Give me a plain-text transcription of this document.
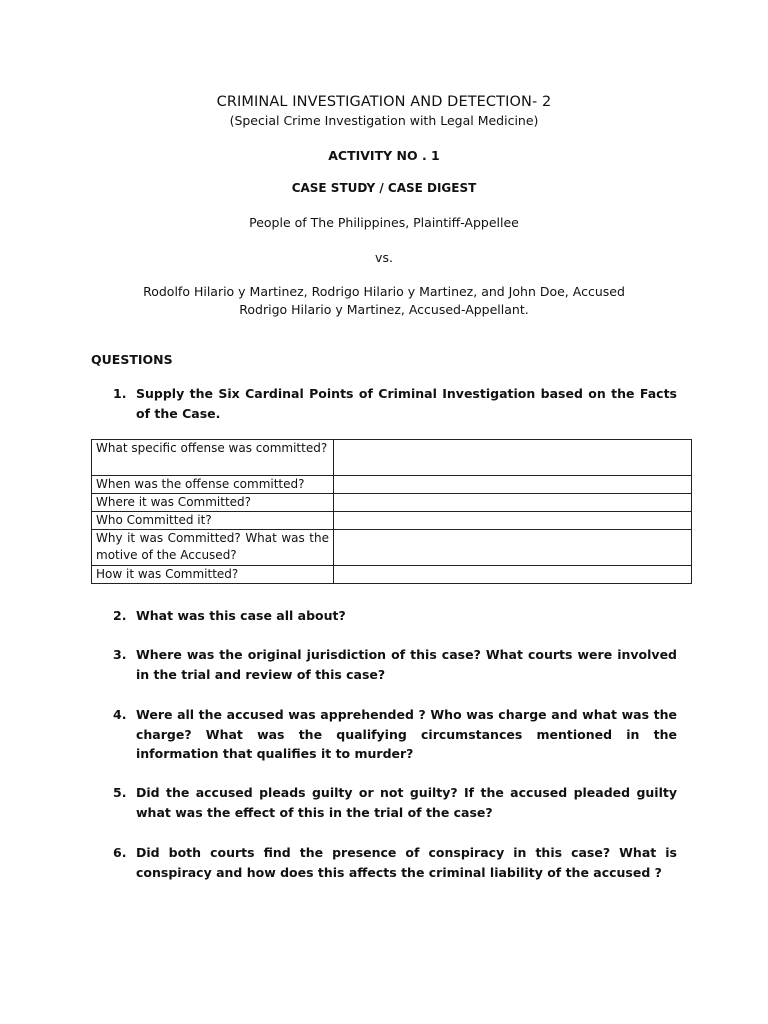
CRIMINAL INVESTIGATION AND DETECTION- 2
(Special Crime Investigation with Legal Medicine)
ACTIVITY NO . 1
CASE STUDY / CASE DIGEST
People of The Philippines, Plaintiff-Appellee
vs.
Rodolfo Hilario y Martinez, Rodrigo Hilario y Martinez, and John Doe, Accused
Rodrigo Hilario y Martinez, Accused-Appellant.
QUESTIONS
1. Supply the Six Cardinal Points of Criminal Investigation based on the Facts of the Case.
What specific offense was committed?	
When was the offense committed?	
Where it was Committed?	
Who Committed it?	
Why it was Committed? What was the motive of the Accused?	
How it was Committed?	
2. What was this case all about?
3. Where was the original jurisdiction of this case? What courts were involved in the trial and review of this case?
4. Were all the accused was apprehended ? Who was charge and what was the charge? What was the qualifying circumstances mentioned in the information that qualifies it to murder?
5. Did the accused pleads guilty or not guilty? If the accused pleaded guilty what was the effect of this in the trial of the case?
6. Did both courts find the presence of conspiracy in this case? What is conspiracy and how does this affects the criminal liability of the accused ?
